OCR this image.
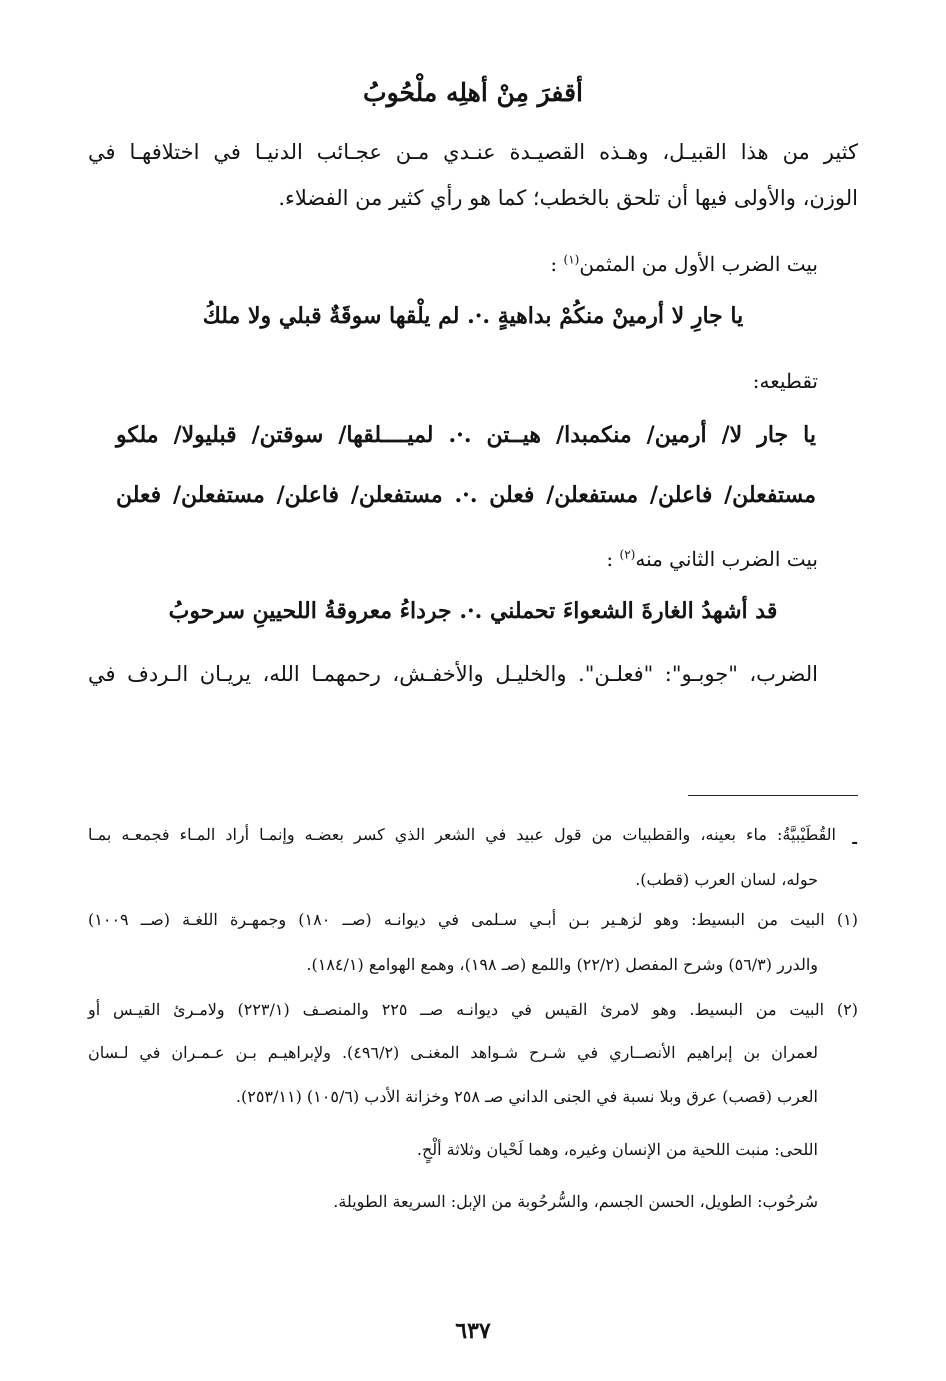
أقفرَ مِنْ أهلِه ملْحُوبُ
كثير من هذا القبيـل، وهـذه القصيـدة عنـدي مـن عجـائب الدنيـا في اختلافهـا في
الوزن، والأولى فيها أن تلحق بالخطب؛ كما هو رأي كثير من الفضلاء.
بيت الضرب الأول من المثمن$^{(١)}$ :
يا جارِ لا أرمينْ منكُمْ بداهيةٍ .·. لم يلْقها سوقَةٌ قبلي ولا ملكُ
تقطيعه:
يا جار لا/ أرمين/ منكمبدا/ هيــتن .·. لميــــلقها/ سوقتن/ قبليولا/ ملكو
مستفعلن/ فاعلن/ مستفعلن/ فعلن .·. مستفعلن/ فاعلن/ مستفعلن/ فعلن
بيت الضرب الثاني منه$^{(٢)}$ :
قد أشهدُ الغارةَ الشعواءَ تحملني .·. جرداءُ معروقةُ اللحيينِ سرحوبُ
الضرب، "جوبـو": "فعلـن". والخليـل والأخفـش، رحمهمـا الله، يريـان الـردف في
-
القُطَيْبيَّةُ: ماء بعينه، والقطبيات من قول عبيد في الشعر الذي كسر بعضـه وإنمـا أراد المـاء فجمعـه بمـا
حوله، لسان العرب (قطب).
(١) البيت من البسيط: وهو لزهـير بـن أبـي سـلمى في ديوانـه (صــ ١٨٠) وجمهـرة اللغـة (صــ ١٠٠٩)
والدرر (٥٦/٣) وشرح المفصل (٢٢/٢) واللمع (صـ ١٩٨)، وهمع الهوامع (١٨٤/١).
(٢) البيت من البسيط. وهو لامرئ القيس في ديوانـه صــ ٢٢٥ والمنصـف (٢٢٣/١) ولامـرئ القيـس أو
لعمران بن إبراهيم الأنصــاري في شـرح شـواهد المغنـى (٤٩٦/٢). ولإبراهيـم بـن عـمـران في لـسان
العرب (قصب) عرق وبلا نسبة في الجنى الداني صـ ٢٥٨ وخزانة الأدب (١٠٥/٦) (٢٥٣/١١).
اللحى: منبت اللحية من الإنسان وغيره، وهما لَحْيان وثلاثة ألْحٍ.
سُرحُوب: الطويل، الحسن الجسم، والسُّرحُوبة من الإبل: السريعة الطويلة.
٦٣٧
